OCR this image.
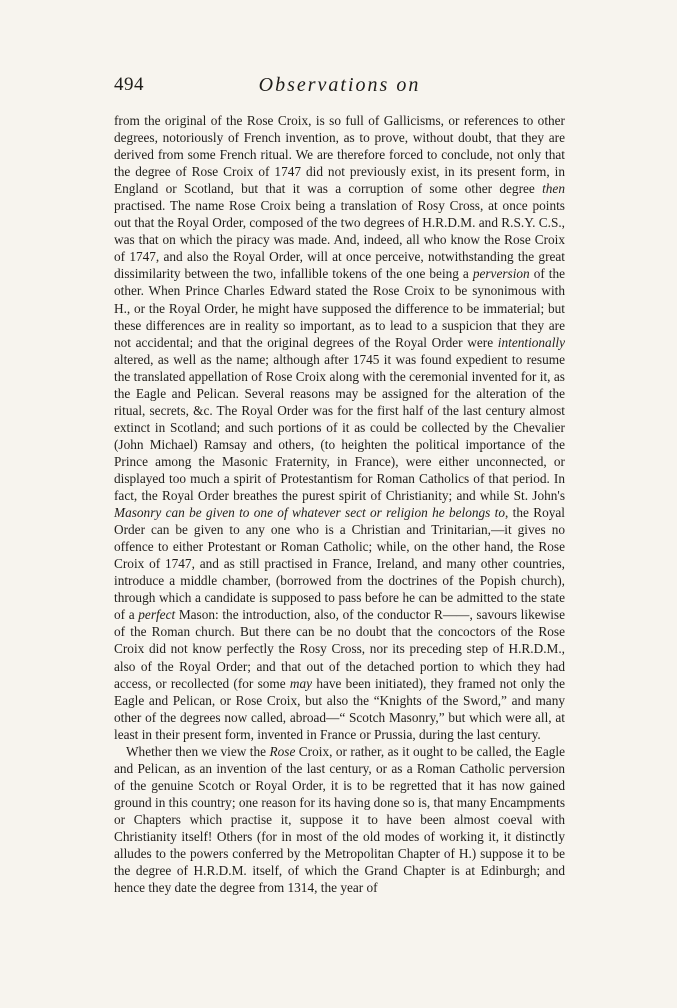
494	Observations on

from the original of the Rose Croix, is so full of Gallicisms, or references to other degrees, notoriously of French invention, as to prove, without doubt, that they are derived from some French ritual. We are therefore forced to conclude, not only that the degree of Rose Croix of 1747 did not previously exist, in its present form, in England or Scotland, but that it was a corruption of some other degree then practised. The name Rose Croix being a translation of Rosy Cross, at once points out that the Royal Order, composed of the two degrees of H.R.D.M. and R.S.Y. C.S., was that on which the piracy was made. And, indeed, all who know the Rose Croix of 1747, and also the Royal Order, will at once perceive, notwithstanding the great dissimilarity between the two, infallible tokens of the one being a perversion of the other. When Prince Charles Edward stated the Rose Croix to be synonimous with H., or the Royal Order, he might have supposed the difference to be immaterial; but these differences are in reality so important, as to lead to a suspicion that they are not accidental; and that the original degrees of the Royal Order were intentionally altered, as well as the name; although after 1745 it was found expedient to resume the translated appellation of Rose Croix along with the ceremonial invented for it, as the Eagle and Pelican. Several reasons may be assigned for the alteration of the ritual, secrets, &c. The Royal Order was for the first half of the last century almost extinct in Scotland; and such portions of it as could be collected by the Chevalier (John Michael) Ramsay and others, (to heighten the political importance of the Prince among the Masonic Fraternity, in France), were either unconnected, or displayed too much a spirit of Protestantism for Roman Catholics of that period. In fact, the Royal Order breathes the purest spirit of Christianity; and while St. John's Masonry can be given to one of whatever sect or religion he belongs to, the Royal Order can be given to any one who is a Christian and Trinitarian,—it gives no offence to either Protestant or Roman Catholic; while, on the other hand, the Rose Croix of 1747, and as still practised in France, Ireland, and many other countries, introduce a middle chamber, (borrowed from the doctrines of the Popish church), through which a candidate is supposed to pass before he can be admitted to the state of a perfect Mason: the introduction, also, of the conductor R——, savours likewise of the Roman church. But there can be no doubt that the concoctors of the Rose Croix did not know perfectly the Rosy Cross, nor its preceding step of H.R.D.M., also of the Royal Order; and that out of the detached portion to which they had access, or recollected (for some may have been initiated), they framed not only the Eagle and Pelican, or Rose Croix, but also the “Knights of the Sword,” and many other of the degrees now called, abroad—“ Scotch Masonry,” but which were all, at least in their present form, invented in France or Prussia, during the last century.

Whether then we view the Rose Croix, or rather, as it ought to be called, the Eagle and Pelican, as an invention of the last century, or as a Roman Catholic perversion of the genuine Scotch or Royal Order, it is to be regretted that it has now gained ground in this country; one reason for its having done so is, that many Encampments or Chapters which practise it, suppose it to have been almost coeval with Christianity itself! Others (for in most of the old modes of working it, it distinctly alludes to the powers conferred by the Metropolitan Chapter of H.) suppose it to be the degree of H.R.D.M. itself, of which the Grand Chapter is at Edinburgh; and hence they date the degree from 1314, the year of
